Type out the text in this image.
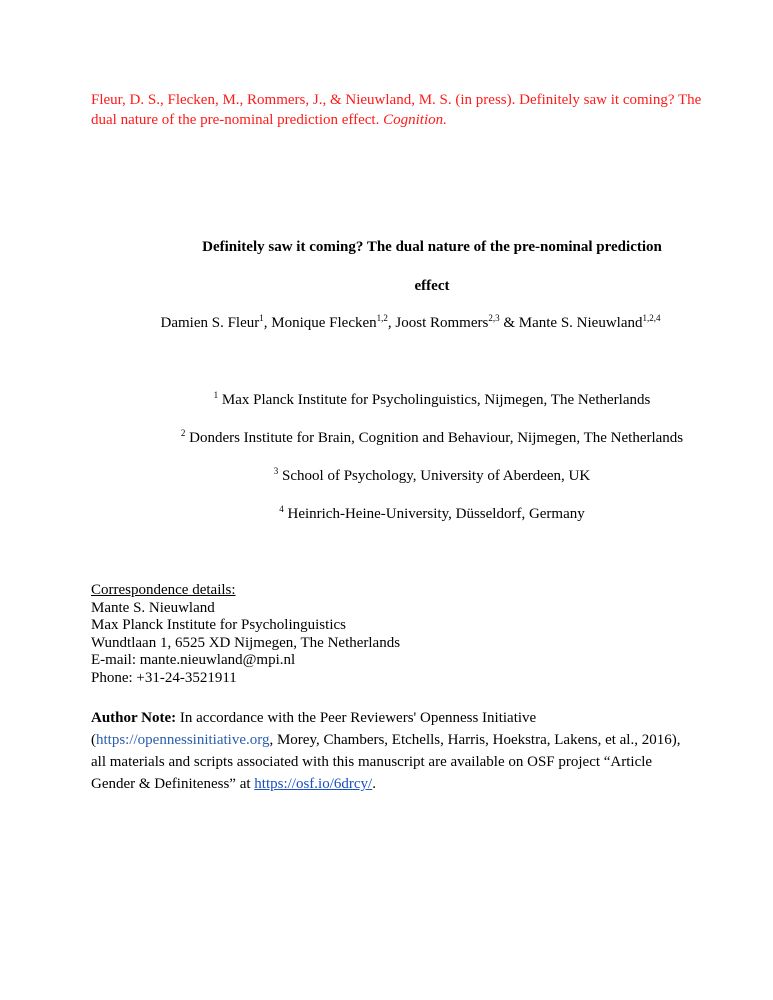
Fleur, D. S., Flecken, M., Rommers, J., & Nieuwland, M. S. (in press). Definitely saw it coming? The dual nature of the pre-nominal prediction effect. Cognition.
Definitely saw it coming? The dual nature of the pre-nominal prediction
effect
Damien S. Fleur$^1$, Monique Flecken$^{1,2}$, Joost Rommers$^{2,3}$ & Mante S. Nieuwland$^{1,2,4}$
$^1$ Max Planck Institute for Psycholinguistics, Nijmegen, The Netherlands
$^2$ Donders Institute for Brain, Cognition and Behaviour, Nijmegen, The Netherlands
$^3$ School of Psychology, University of Aberdeen, UK
$^4$ Heinrich-Heine-University, Düsseldorf, Germany
Correspondence details:
Mante S. Nieuwland
Max Planck Institute for Psycholinguistics
Wundtlaan 1, 6525 XD Nijmegen, The Netherlands
E-mail: mante.nieuwland@mpi.nl
Phone: +31-24-3521911
Author Note: In accordance with the Peer Reviewers' Openness Initiative (https://opennessinitiative.org, Morey, Chambers, Etchells, Harris, Hoekstra, Lakens, et al., 2016), all materials and scripts associated with this manuscript are available on OSF project “Article Gender & Definiteness” at https://osf.io/6drcy/.
